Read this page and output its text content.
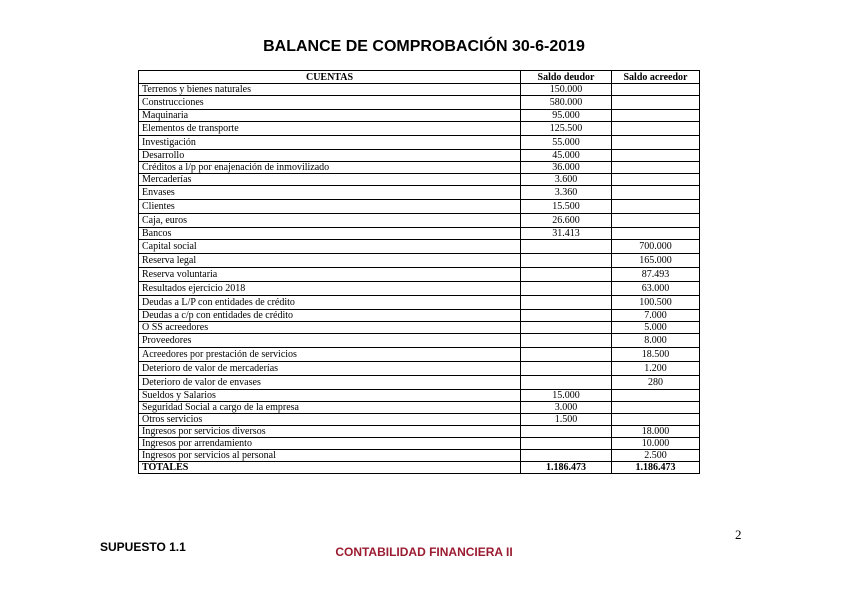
BALANCE DE COMPROBACIÓN 30-6-2019
CUENTAS	Saldo deudor	Saldo acreedor
Terrenos y bienes naturales	150.000	
Construcciones	580.000	
Maquinaria	95.000	
Elementos de transporte	125.500	
Investigación	55.000	
Desarrollo	45.000	
Créditos a l/p por enajenación de inmovilizado	36.000	
Mercaderías	3.600	
Envases	3.360	
Clientes	15.500	
Caja, euros	26.600	
Bancos	31.413	
Capital social		700.000
Reserva legal		165.000
Reserva voluntaria		87.493
Resultados ejercicio 2018		63.000
Deudas a L/P con entidades de crédito		100.500
Deudas a c/p con entidades de crédito		7.000
O SS acreedores		5.000
Proveedores		8.000
Acreedores por prestación de servicios		18.500
Deterioro de valor de mercaderías		1.200
Deterioro de valor de envases		280
Sueldos y Salarios	15.000	
Seguridad Social a cargo de la empresa	3.000	
Otros servicios	1.500	
Ingresos por servicios diversos		18.000
Ingresos por arrendamiento		10.000
Ingresos por servicios al personal		2.500
TOTALES	1.186.473	1.186.473
SUPUESTO 1.1	CONTABILIDAD FINANCIERA II
2
